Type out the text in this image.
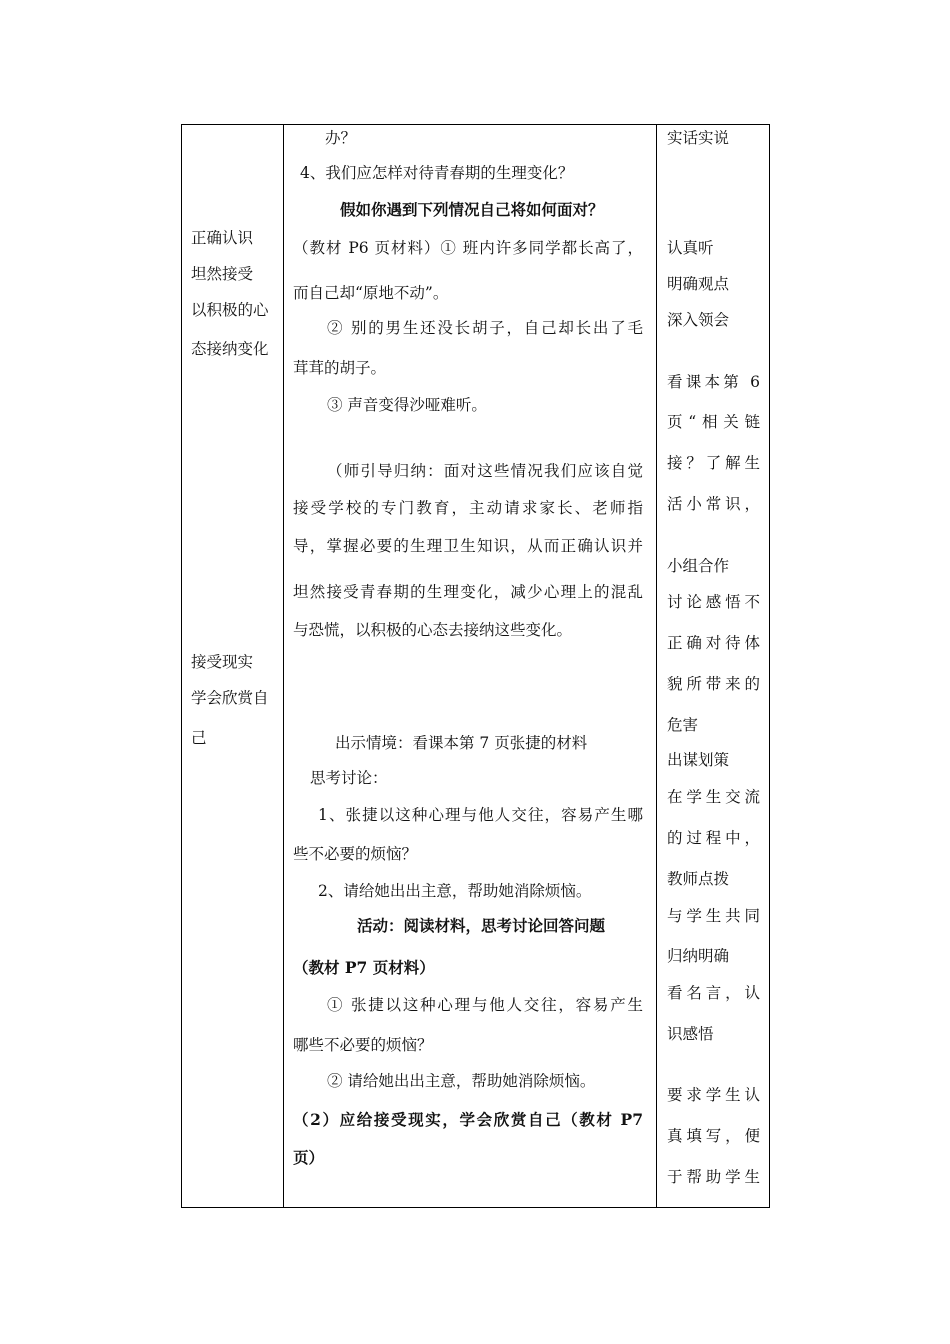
正确认识
坦然接受
以积极的心
态接纳变化
接受现实
学会欣赏自
己
办？
4、我们应怎样对待青春期的生理变化？
假如你遇到下列情况自己将如何面对？
（教材 P6 页材料）① 班内许多同学都长高了，
而自己却“原地不动”。
② 别的男生还没长胡子，自己却长出了毛
茸茸的胡子。
③ 声音变得沙哑难听。
（师引导归纳：面对这些情况我们应该自觉
接受学校的专门教育，主动请求家长、老师指
导，掌握必要的生理卫生知识，从而正确认识并
坦然接受青春期的生理变化，减少心理上的混乱
与恐慌，以积极的心态去接纳这些变化。
出示情境：看课本第 7 页张捷的材料
思考讨论：
1、张捷以这种心理与他人交往，容易产生哪
些不必要的烦恼？
2、请给她出出主意，帮助她消除烦恼。
活动：阅读材料，思考讨论回答问题
（教材 P7 页材料）
① 张捷以这种心理与他人交往，容易产生
哪些不必要的烦恼？
② 请给她出出主意，帮助她消除烦恼。
（2）应给接受现实，学会欣赏自己（教材 P7
页）
实话实说
认真听
明确观点
深入领会
看课本第 6
页“相关链
接？了解生
活小常识，
小组合作
讨论感悟不
正确对待体
貌所带来的
危害
出谋划策
在学生交流
的过程中，
教师点拨
与学生共同
归纳明确
看名言，认
识感悟
要求学生认
真填写，便
于帮助学生
